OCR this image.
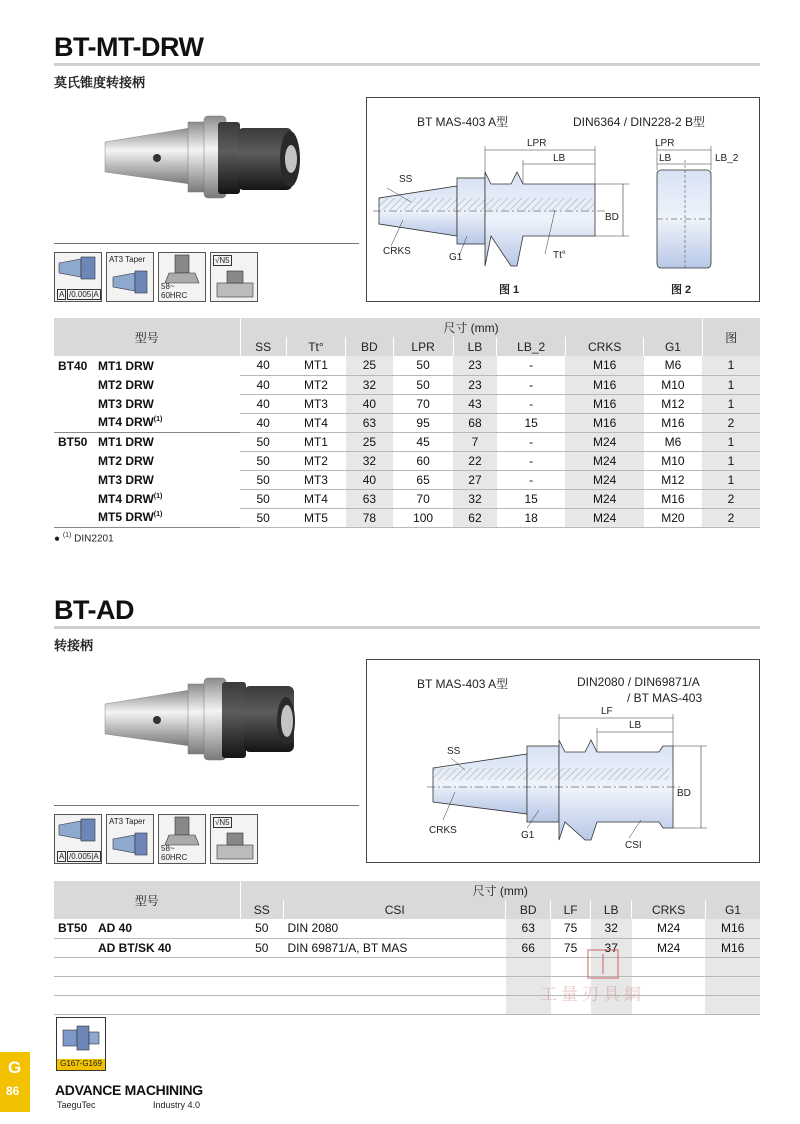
BT-MT-DRW
莫氏锥度转接柄
A /0.005|A
AT3 Taper
58~
60HRC
√N5
BT MAS-403 A型	DIN6364 / DIN228-2 B型
LPR
LB
SS
BD
CRKS
G1	Tt°
LPR
LB	LB_2
图 1	图 2
型号	尺寸 (mm)								图
	SS	Tt°	BD	LPR	LB	LB_2	CRKS	G1	
BT40 MT1 DRW	40	MT1	25	50	23	-	M16	M6	1
MT2 DRW	40	MT2	32	50	23	-	M16	M10	1
MT3 DRW	40	MT3	40	70	43	-	M16	M12	1
MT4 DRW$^{(1)}$	40	MT4	63	95	68	15	M16	M16	2
BT50 MT1 DRW	50	MT1	25	45	7	-	M24	M6	1
MT2 DRW	50	MT2	32	60	22	-	M24	M10	1
MT3 DRW	50	MT3	40	65	27	-	M24	M12	1
MT4 DRW$^{(1)}$	50	MT4	63	70	32	15	M24	M16	2
MT5 DRW$^{(1)}$	50	MT5	78	100	62	18	M24	M20	2
● $^{(1)}$ DIN2201
BT-AD
转接柄
A /0.005|A
AT3 Taper
58~
60HRC
√N5
BT MAS-403 A型	DIN2080 / DIN69871/A
/ BT MAS-403
LF
LB
SS
BD
CRKS	G1
CSI
型号	尺寸 (mm)						
	SS	CSI	BD	LF	LB	CRKS	G1
BT50 AD 40	50	DIN 2080	63	75	32	M24	M16
AD BT/SK 40	50	DIN 69871/A, BT MAS	66	75	37	M24	M16

工量刃具網
G167-G169
G
86	ADVANCE MACHINING
TaeguTec	Industry 4.0
